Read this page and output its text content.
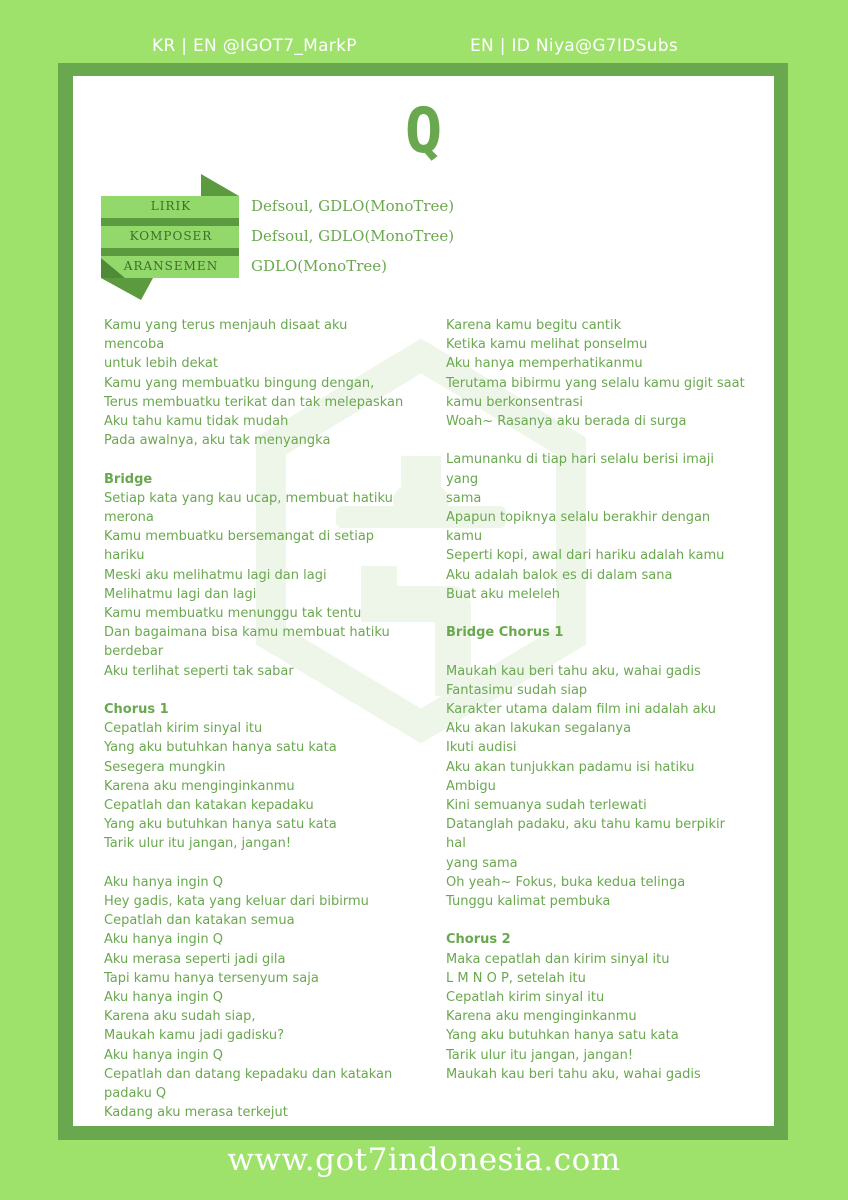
KR | EN @IGOT7_MarkP	EN | ID Niya@G7IDSubs
Q
LIRIK
KOMPOSER
ARANSEMEN
Defsoul, GDLO(MonoTree)
Defsoul, GDLO(MonoTree)
GDLO(MonoTree)
Kamu yang terus menjauh disaat aku mencoba
untuk lebih dekat
Kamu yang membuatku bingung dengan,
Terus membuatku terikat dan tak melepaskan
Aku tahu kamu tidak mudah
Pada awalnya, aku tak menyangka
Bridge
Setiap kata yang kau ucap, membuat hatiku
merona
Kamu membuatku bersemangat di setiap hariku
Meski aku melihatmu lagi dan lagi
Melihatmu lagi dan lagi
Kamu membuatku menunggu tak tentu
Dan bagaimana bisa kamu membuat hatiku
berdebar
Aku terlihat seperti tak sabar
Chorus 1
Cepatlah kirim sinyal itu
Yang aku butuhkan hanya satu kata
Sesegera mungkin
Karena aku menginginkanmu
Cepatlah dan katakan kepadaku
Yang aku butuhkan hanya satu kata
Tarik ulur itu jangan, jangan!
Aku hanya ingin Q
Hey gadis, kata yang keluar dari bibirmu
Cepatlah dan katakan semua
Aku hanya ingin Q
Aku merasa seperti jadi gila
Tapi kamu hanya tersenyum saja
Aku hanya ingin Q
Karena aku sudah siap,
Maukah kamu jadi gadisku?
Aku hanya ingin Q
Cepatlah dan datang kepadaku dan katakan
padaku Q
Kadang aku merasa terkejut
Karena kamu begitu cantik
Ketika kamu melihat ponselmu
Aku hanya memperhatikanmu
Terutama bibirmu yang selalu kamu gigit saat
kamu berkonsentrasi
Woah~ Rasanya aku berada di surga
Lamunanku di tiap hari selalu berisi imaji yang
sama
Apapun topiknya selalu berakhir dengan kamu
Seperti kopi, awal dari hariku adalah kamu
Aku adalah balok es di dalam sana
Buat aku meleleh
Bridge Chorus 1
Maukah kau beri tahu aku, wahai gadis
Fantasimu sudah siap
Karakter utama dalam film ini adalah aku
Aku akan lakukan segalanya
Ikuti audisi
Aku akan tunjukkan padamu isi hatiku
Ambigu
Kini semuanya sudah terlewati
Datanglah padaku, aku tahu kamu berpikir hal
yang sama
Oh yeah~ Fokus, buka kedua telinga
Tunggu kalimat pembuka
Chorus 2
Maka cepatlah dan kirim sinyal itu
L M N O P, setelah itu
Cepatlah kirim sinyal itu
Karena aku menginginkanmu
Yang aku butuhkan hanya satu kata
Tarik ulur itu jangan, jangan!
Maukah kau beri tahu aku, wahai gadis
www.got7indonesia.com
